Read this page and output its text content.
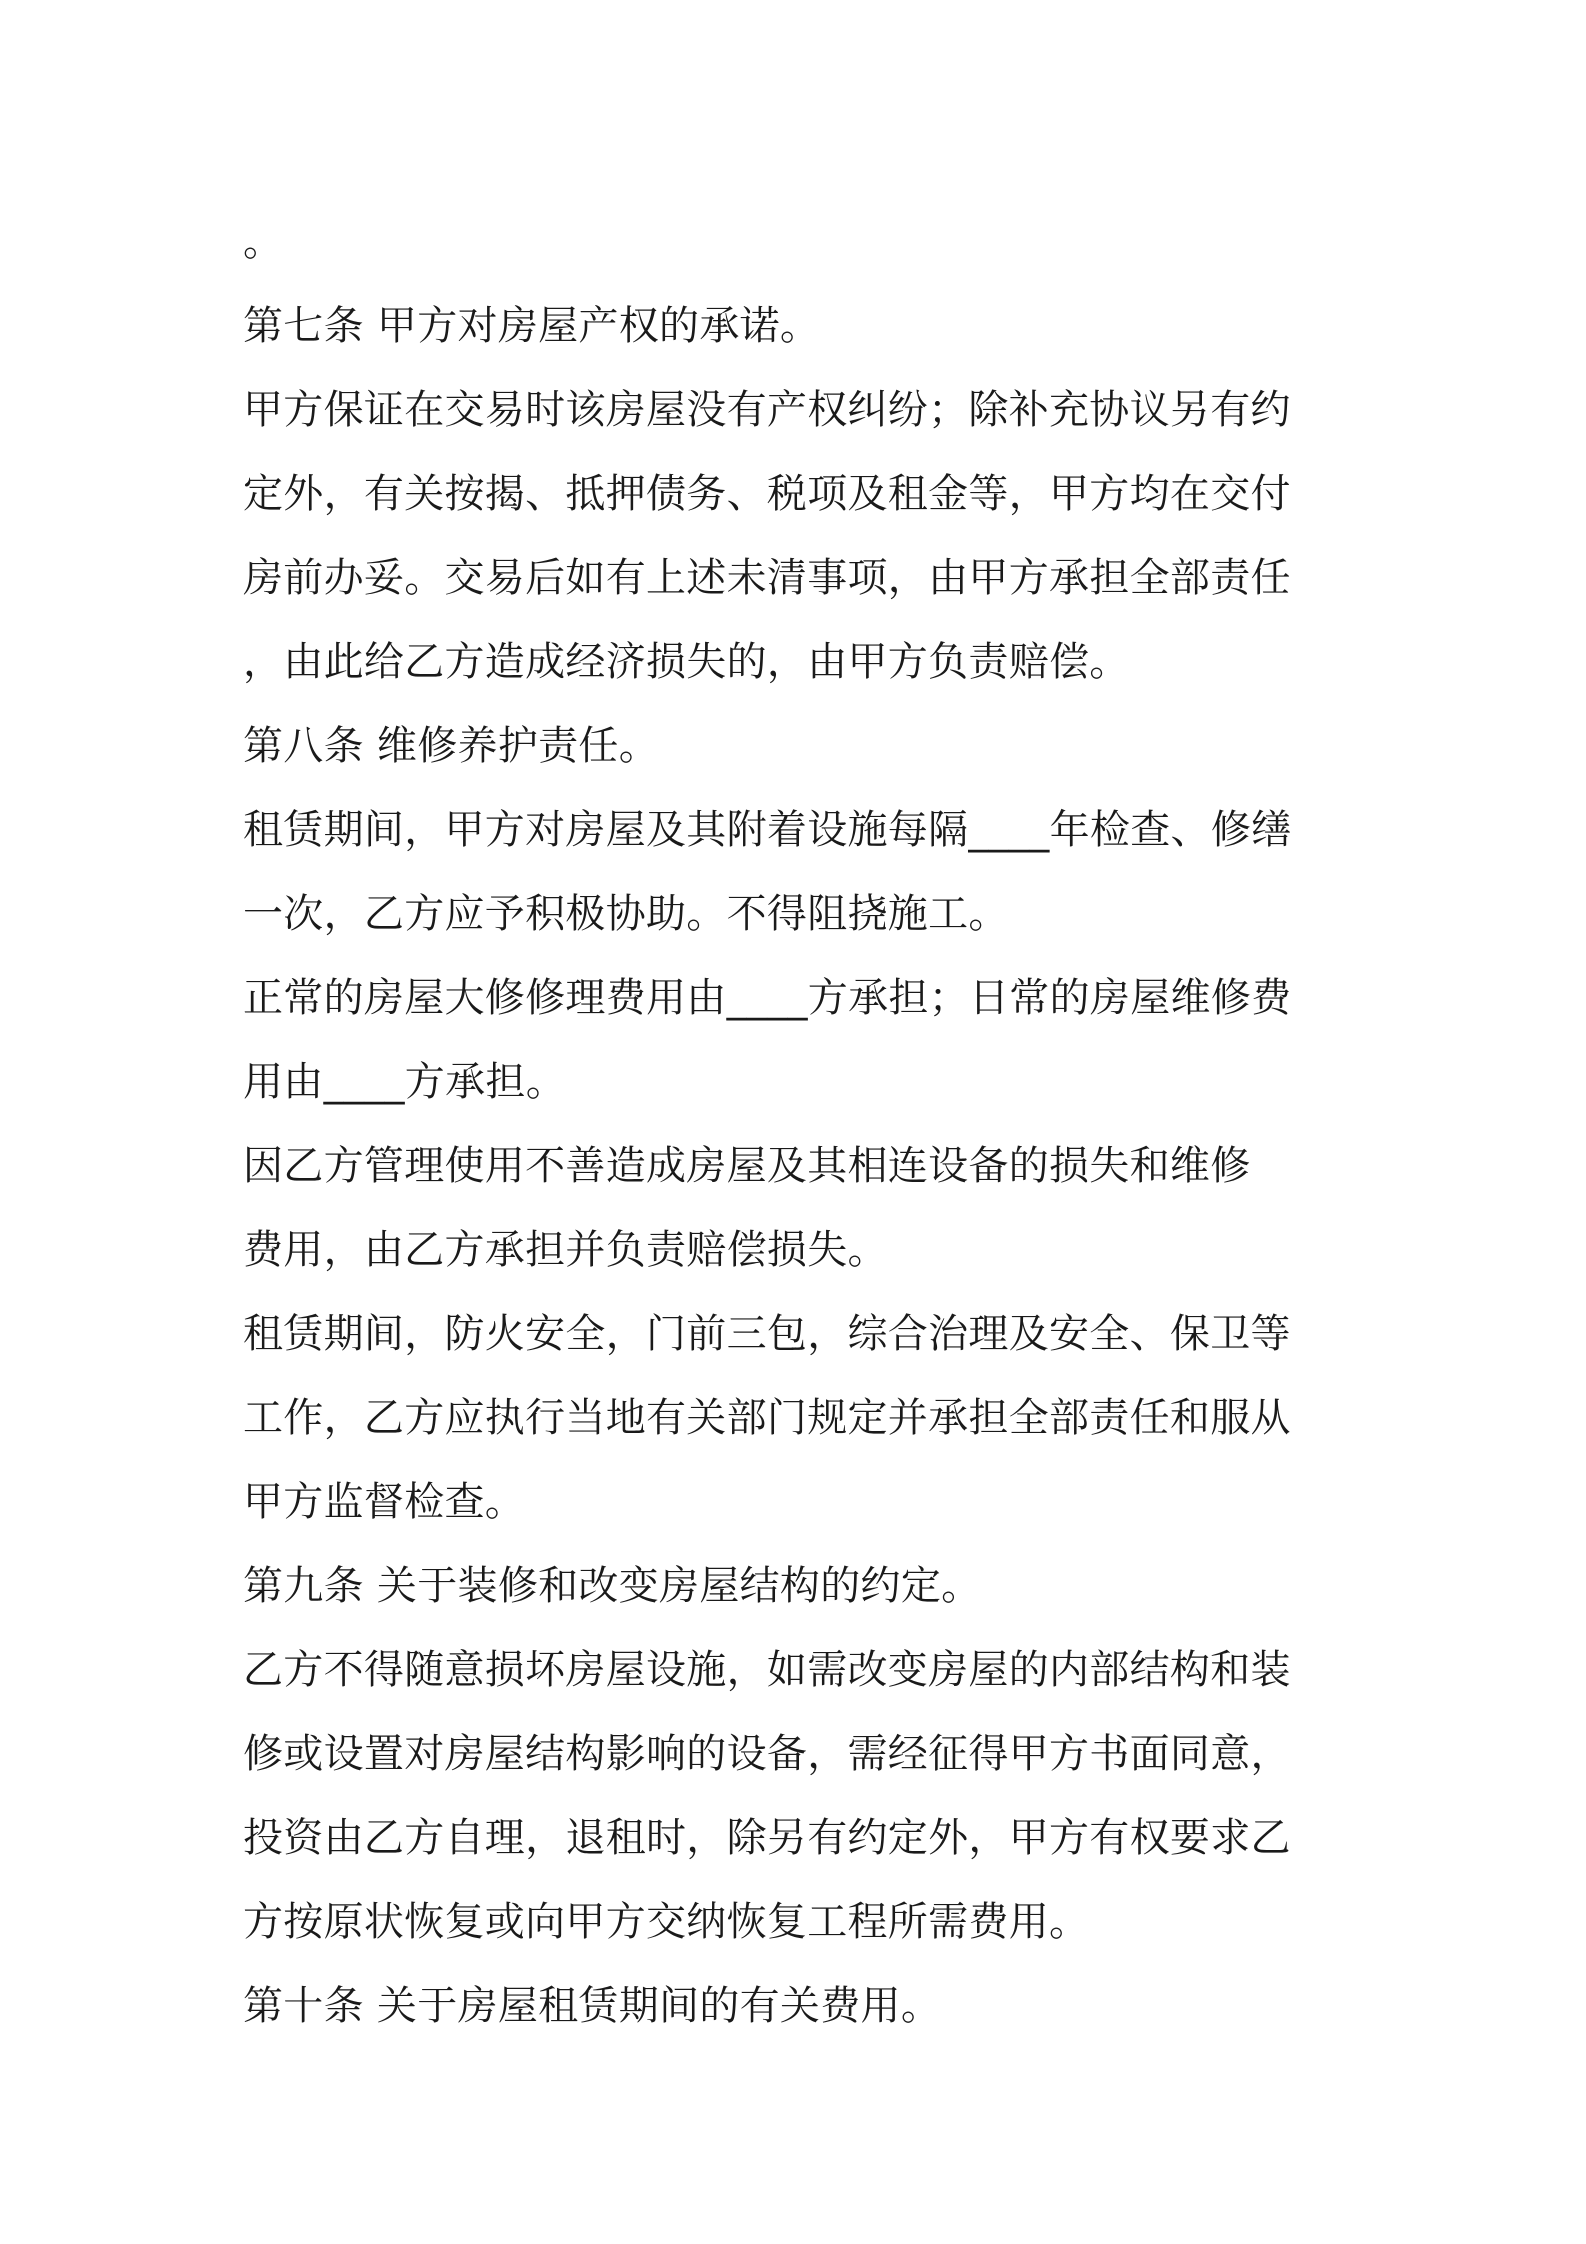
。
第七条 甲方对房屋产权的承诺。
甲方保证在交易时该房屋没有产权纠纷；除补充协议另有约
定外，有关按揭、抵押债务、税项及租金等，甲方均在交付
房前办妥。交易后如有上述未清事项，由甲方承担全部责任
，由此给乙方造成经济损失的，由甲方负责赔偿。
第八条 维修养护责任。
租赁期间，甲方对房屋及其附着设施每隔____年检查、修缮
一次，乙方应予积极协助。不得阻挠施工。
正常的房屋大修修理费用由____方承担；日常的房屋维修费
用由____方承担。
因乙方管理使用不善造成房屋及其相连设备的损失和维修
费用，由乙方承担并负责赔偿损失。
租赁期间，防火安全，门前三包，综合治理及安全、保卫等
工作，乙方应执行当地有关部门规定并承担全部责任和服从
甲方监督检查。
第九条 关于装修和改变房屋结构的约定。
乙方不得随意损坏房屋设施，如需改变房屋的内部结构和装
修或设置对房屋结构影响的设备，需经征得甲方书面同意，
投资由乙方自理，退租时，除另有约定外，甲方有权要求乙
方按原状恢复或向甲方交纳恢复工程所需费用。
第十条 关于房屋租赁期间的有关费用。
